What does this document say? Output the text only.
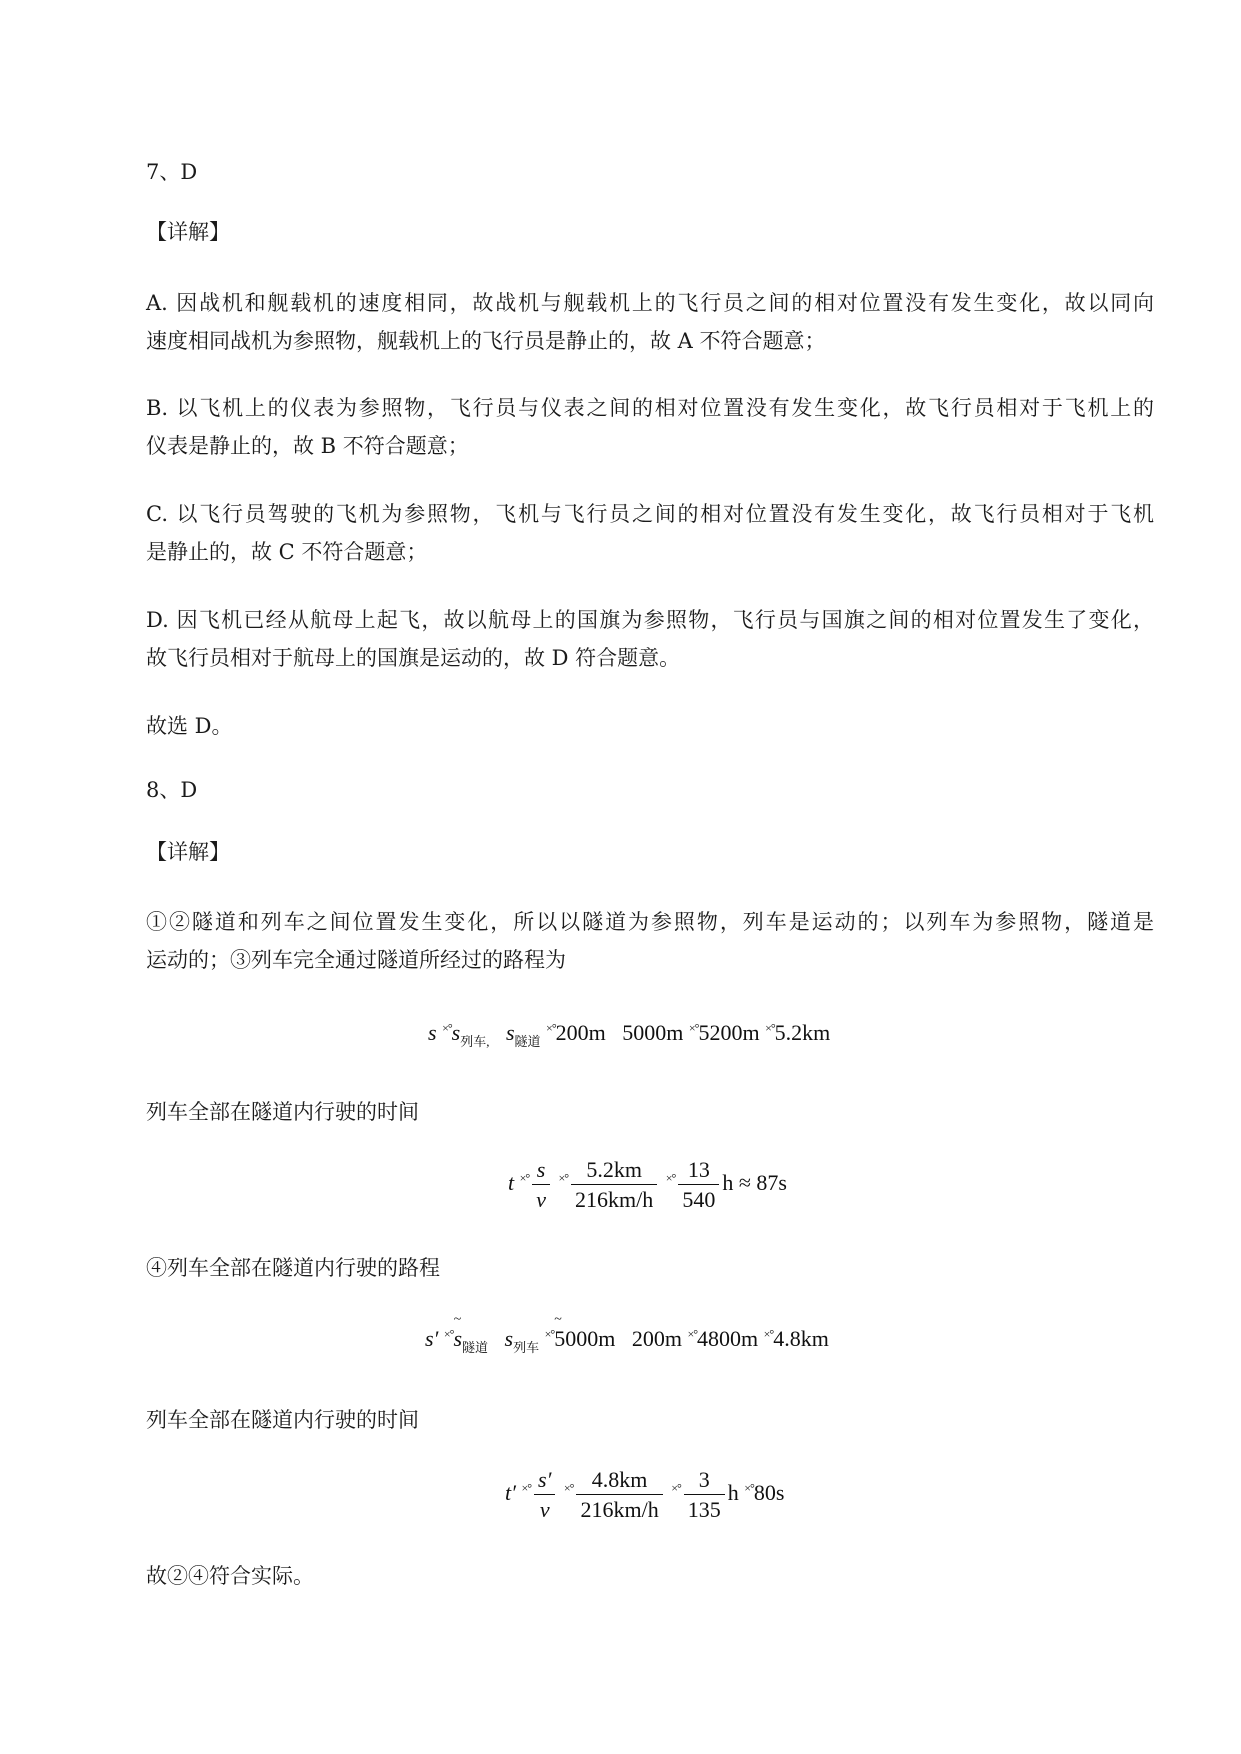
7、D
【详解】
A. 因战机和舰载机的速度相同，故战机与舰载机上的飞行员之间的相对位置没有发生变化，故以同向
速度相同战机为参照物，舰载机上的飞行员是静止的，故 A 不符合题意；
B. 以飞机上的仪表为参照物，飞行员与仪表之间的相对位置没有发生变化，故飞行员相对于飞机上的
仪表是静止的，故 B 不符合题意；
C. 以飞行员驾驶的飞机为参照物，飞机与飞行员之间的相对位置没有发生变化，故飞行员相对于飞机
是静止的，故 C 不符合题意；
D. 因飞机已经从航母上起飞，故以航母上的国旗为参照物，飞行员与国旗之间的相对位置发生了变化，
故飞行员相对于航母上的国旗是运动的，故 D 符合题意。
故选 D。
8、D
【详解】
①②隧道和列车之间位置发生变化，所以以隧道为参照物，列车是运动的；以列车为参照物，隧道是
运动的；③列车完全通过隧道所经过的路程为
s $^{\times^\circ}s_{列车,}$ $s_{隧道}$ ×°200m 5000m ×°5200m ×°5.2km
列车全部在隧道内行驶的时间
t $^{\times^\circ} \frac{s}{v} ^{\times^\circ} \frac{5.2km}{216km/h} ^{\times^\circ} \frac{13}{540}$ h ≈ 87s
④列车全部在隧道内行驶的路程
s′ ×°~ $s_{隧道}$ $s_{列车}$ ×°~ 5000m 200m ×°4800m ×°4.8km
列车全部在隧道内行驶的时间
t′ $^{\times^\circ} \frac{s'}{v} ^{\times^\circ} \frac{4.8km}{216km/h} ^{\times^\circ} \frac{3}{135}$ h ×°80s
故②④符合实际。
